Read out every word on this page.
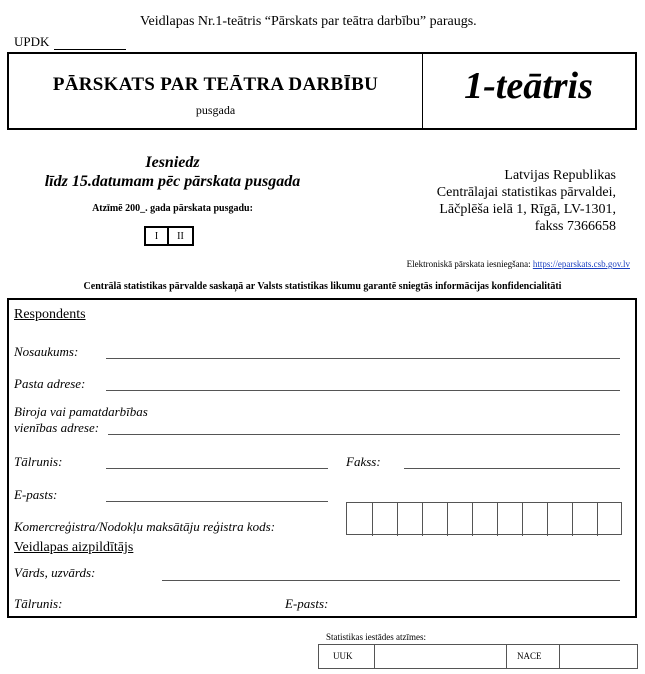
Veidlapas Nr.1-teātris “Pārskats par teātra darbību” paraugs.
UPDK
PĀRSKATS PAR TEĀTRA DARBĪBU
pusgada
1-teātris
Iesniedz
līdz 15.datumam pēc pārskata pusgada
Atzīmē 200_. gada pārskata pusgadu:
I	II
Latvijas Republikas
Centrālajai statistikas pārvaldei,
Lāčplēša ielā 1, Rīgā, LV-1301,
fakss 7366658
Elektroniskā pārskata iesniegšana: https://eparskats.csb.gov.lv
Centrālā statistikas pārvalde saskaņā ar Valsts statistikas likumu garantē sniegtās informācijas konfidencialitāti
Respondents
Nosaukums:
Pasta adrese:
Biroja vai pamatdarbības
vienības adrese:
Tālrunis:	Fakss:
E-pasts:
Komercreģistra/Nodokļu maksātāju reģistra kods:
Veidlapas aizpildītājs
Vārds, uzvārds:
Tālrunis:	E-pasts:
Statistikas iestādes atzīmes:
UUK	NACE
